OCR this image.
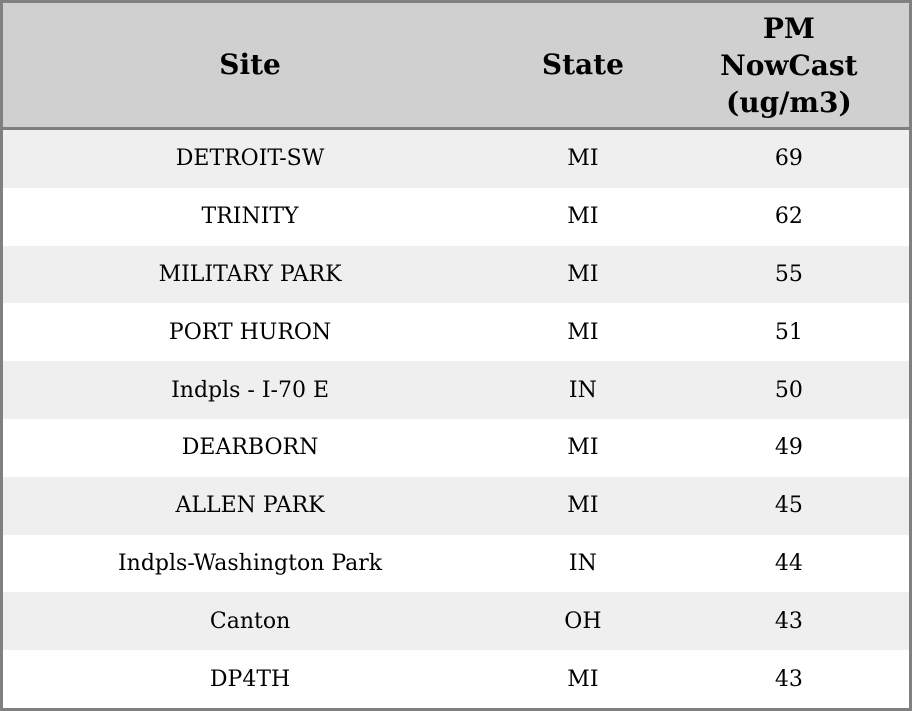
Site	State	PM
NowCast
(ug/m3)

DETROIT-SW	MI	69
TRINITY	MI	62
MILITARY PARK	MI	55
PORT HURON	MI	51
Indpls - I-70 E	IN	50
DEARBORN	MI	49
ALLEN PARK	MI	45
Indpls-Washington Park	IN	44
Canton	OH	43
DP4TH	MI	43
